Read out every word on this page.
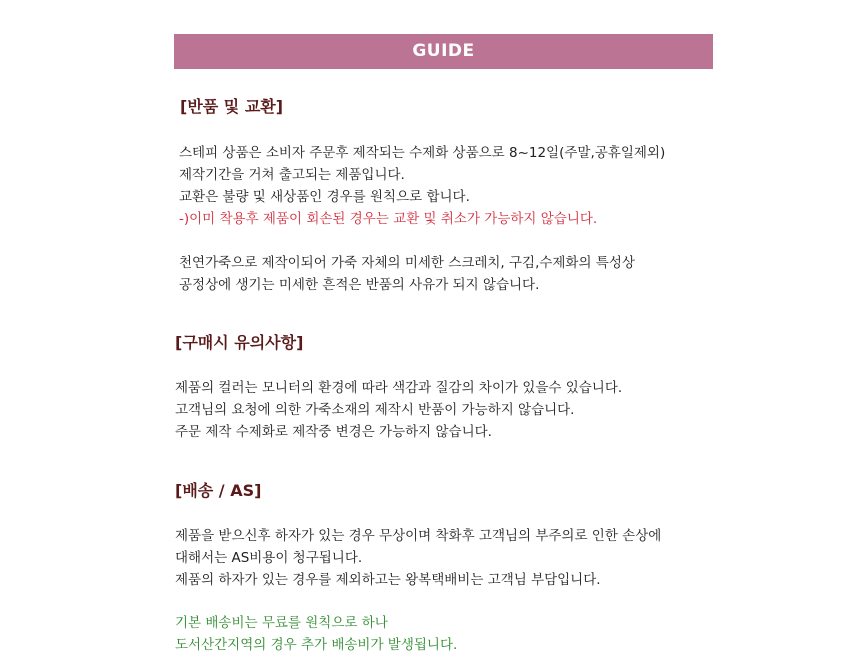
GUIDE
[반품 및 교환]
스테피 상품은 소비자 주문후 제작되는 수제화 상품으로 8~12일(주말,공휴일제외)
제작기간을 거쳐 출고되는 제품입니다.
교환은 불량 및 새상품인 경우를 원칙으로 합니다.
-)이미 착용후 제품이 회손된 경우는 교환 및 취소가 가능하지 않습니다.
천연가죽으로 제작이되어 가죽 자체의 미세한 스크레치, 구김,수제화의 특성상
공정상에 생기는 미세한 흔적은 반품의 사유가 되지 않습니다.
[구매시 유의사항]
제품의 컬러는 모니터의 환경에 따라 색감과 질감의 차이가 있을수 있습니다.
고객님의 요청에 의한 가죽소재의 제작시 반품이 가능하지 않습니다.
주문 제작 수제화로 제작중 변경은 가능하지 않습니다.
[배송 / AS]
제품을 받으신후 하자가 있는 경우 무상이며 착화후 고객님의 부주의로 인한 손상에
대해서는 AS비용이 청구됩니다.
제품의 하자가 있는 경우를 제외하고는 왕복택배비는 고객님 부담입니다.
기본 배송비는 무료를 원칙으로 하나
도서산간지역의 경우 추가 배송비가 발생됩니다.
